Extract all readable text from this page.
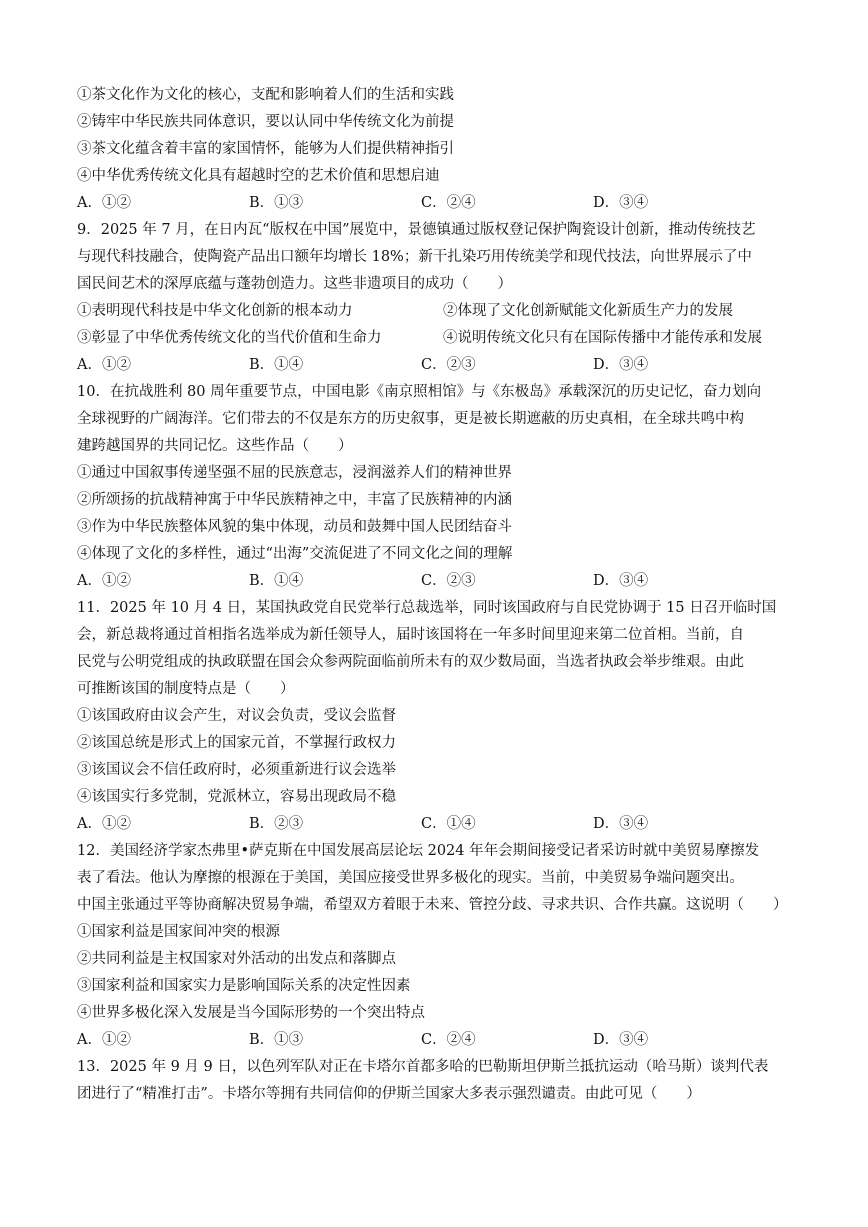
①茶文化作为文化的核心，支配和影响着人们的生活和实践
②铸牢中华民族共同体意识，要以认同中华传统文化为前提
③茶文化蕴含着丰富的家国情怀，能够为人们提供精神指引
④中华优秀传统文化具有超越时空的艺术价值和思想启迪
A．①②	B．①③	C．②④	D．③④
9．2025 年 7 月，在日内瓦“版权在中国”展览中，景德镇通过版权登记保护陶瓷设计创新，推动传统技艺
与现代科技融合，使陶瓷产品出口额年均增长 18%；新干扎染巧用传统美学和现代技法，向世界展示了中
国民间艺术的深厚底蕴与蓬勃创造力。这些非遗项目的成功（　　）
①表明现代科技是中华文化创新的根本动力	②体现了文化创新赋能文化新质生产力的发展
③彰显了中华优秀传统文化的当代价值和生命力	④说明传统文化只有在国际传播中才能传承和发展
A．①②	B．①④	C．②③	D．③④
10．在抗战胜利 80 周年重要节点，中国电影《南京照相馆》与《东极岛》承载深沉的历史记忆，奋力划向
全球视野的广阔海洋。它们带去的不仅是东方的历史叙事，更是被长期遮蔽的历史真相，在全球共鸣中构
建跨越国界的共同记忆。这些作品（　　）
①通过中国叙事传递坚强不屈的民族意志，浸润滋养人们的精神世界
②所颂扬的抗战精神寓于中华民族精神之中，丰富了民族精神的内涵
③作为中华民族整体风貌的集中体现，动员和鼓舞中国人民团结奋斗
④体现了文化的多样性，通过“出海”交流促进了不同文化之间的理解
A．①②	B．①④	C．②③	D．③④
11．2025 年 10 月 4 日，某国执政党自民党举行总裁选举，同时该国政府与自民党协调于 15 日召开临时国
会，新总裁将通过首相指名选举成为新任领导人，届时该国将在一年多时间里迎来第二位首相。当前，自
民党与公明党组成的执政联盟在国会众参两院面临前所未有的双少数局面，当选者执政会举步维艰。由此
可推断该国的制度特点是（　　）
①该国政府由议会产生，对议会负责，受议会监督
②该国总统是形式上的国家元首，不掌握行政权力
③该国议会不信任政府时，必须重新进行议会选举
④该国实行多党制，党派林立，容易出现政局不稳
A．①②	B．②③	C．①④	D．③④
12．美国经济学家杰弗里•萨克斯在中国发展高层论坛 2024 年年会期间接受记者采访时就中美贸易摩擦发
表了看法。他认为摩擦的根源在于美国，美国应接受世界多极化的现实。当前，中美贸易争端问题突出。
中国主张通过平等协商解决贸易争端，希望双方着眼于未来、管控分歧、寻求共识、合作共赢。这说明（　　）
①国家利益是国家间冲突的根源
②共同利益是主权国家对外活动的出发点和落脚点
③国家利益和国家实力是影响国际关系的决定性因素
④世界多极化深入发展是当今国际形势的一个突出特点
A．①②	B．①③	C．②④	D．③④
13．2025 年 9 月 9 日，以色列军队对正在卡塔尔首都多哈的巴勒斯坦伊斯兰抵抗运动（哈马斯）谈判代表
团进行了“精准打击”。卡塔尔等拥有共同信仰的伊斯兰国家大多表示强烈谴责。由此可见（　　）
